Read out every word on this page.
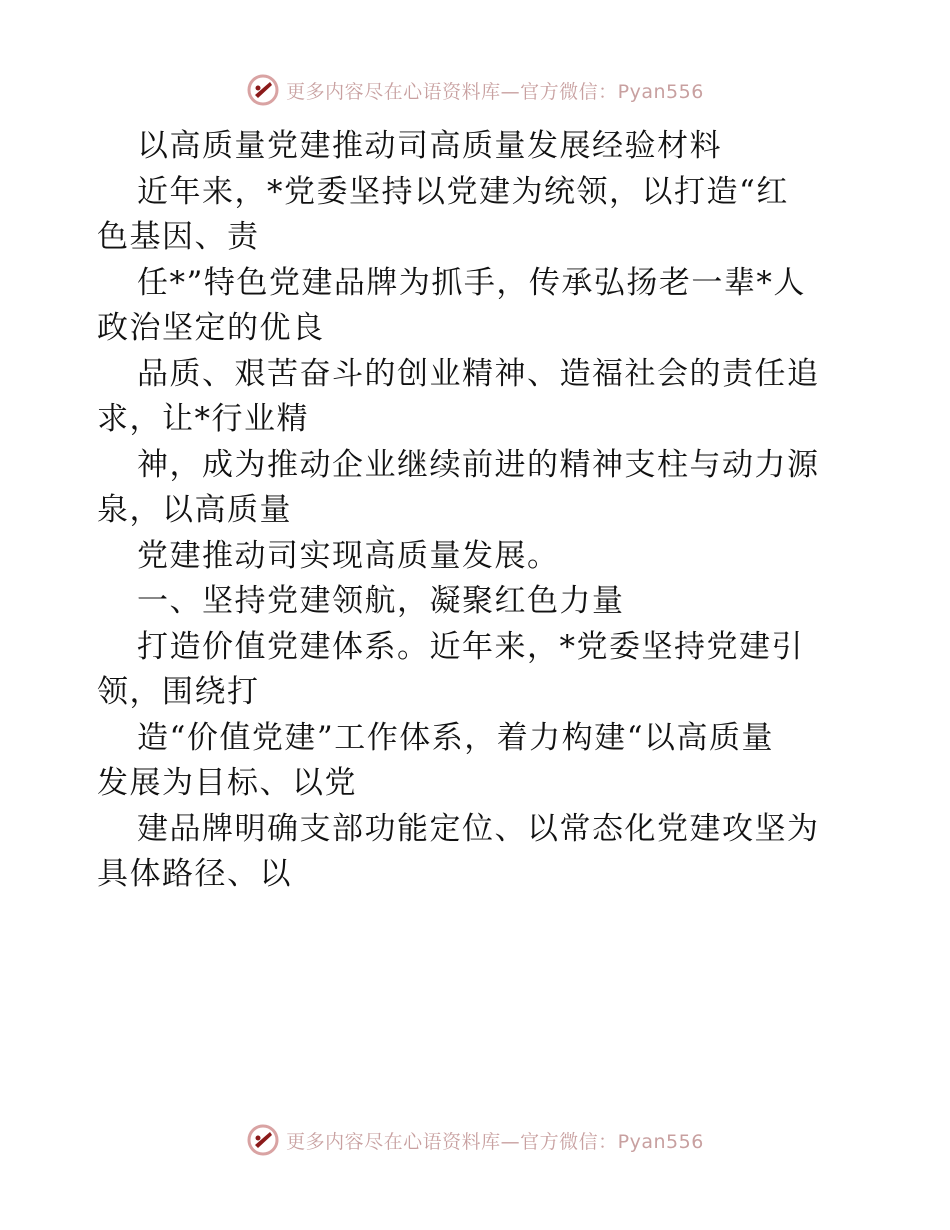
更多内容尽在心语资料库—官方微信：Pyan556
以高质量党建推动司高质量发展经验材料
近年来，*党委坚持以党建为统领，以打造“红
色基因、责
任*”特色党建品牌为抓手，传承弘扬老一辈*人
政治坚定的优良
品质、艰苦奋斗的创业精神、造福社会的责任追
求，让*行业精
神，成为推动企业继续前进的精神支柱与动力源
泉，以高质量
党建推动司实现高质量发展。
一、坚持党建领航，凝聚红色力量
打造价值党建体系。近年来，*党委坚持党建引
领，围绕打
造“价值党建”工作体系，着力构建“以高质量
发展为目标、以党
建品牌明确支部功能定位、以常态化党建攻坚为
具体路径、以
更多内容尽在心语资料库—官方微信：Pyan556
